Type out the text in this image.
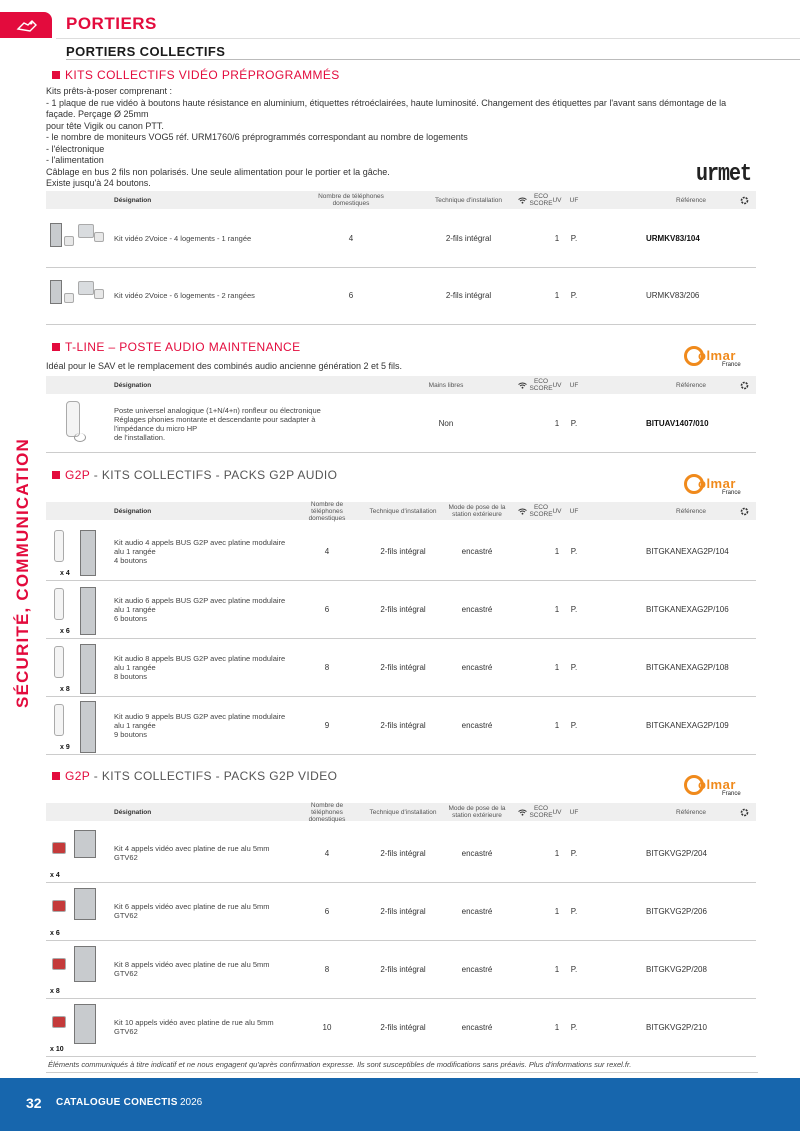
PORTIERS
PORTIERS COLLECTIFS
SÉCURITÉ, COMMUNICATION
KITS COLLECTIFS VIDÉO PRÉPROGRAMMÉS
Kits prêts-à-poser comprenant :
- 1 plaque de rue vidéo à boutons haute résistance en aluminium, étiquettes rétroéclairées, haute luminosité. Changement des étiquettes par l'avant sans démontage de la façade. Perçage Ø 25mm
pour tête Vigik ou canon PTT.
- le nombre de moniteurs VOG5 réf. URM1760/6 préprogrammés correspondant au nombre de logements
- l'électronique
- l'alimentation
Câblage en bus 2 fils non polarisés. Une seule alimentation pour le portier et la gâche.
Existe jusqu'à 24 boutons.	urmet
Désignation	Nombre de téléphones domestiques	Technique d'installation	ECO SCORE UV UF	Référence
Kit vidéo 2Voice - 4 logements - 1 rangée	4	2-fils intégral	1 P.	URMKV83/104
Kit vidéo 2Voice - 6 logements - 2 rangées	6	2-fils intégral	1 P.	URMKV83/206
T-LINE – POSTE AUDIO MAINTENANCE
Idéal pour le SAV et le remplacement des combinés audio ancienne génération 2 et 5 fils.
olmar
France
Désignation	Mains libres	ECO SCORE UV UF	Référence
Poste universel analogique (1+N/4+n) ronfleur ou électronique
Réglages phonies montante et descendante pour sadapter à l'impédance du micro HP
de l'installation.
Non	1 P.	BITUAV1407/010
G2P - KITS COLLECTIFS - PACKS G2P AUDIO
olmar
France
Désignation
Nombre de téléphones domestiques
Technique d'installation	Mode de pose de la station extérieure
ECO SCORE UV UF	Référence
x 4
Kit audio 4 appels BUS G2P avec platine modulaire alu 1 rangée
4 boutons
4	2-fils intégral	encastré	1 P.	BITGKANEXAG2P/104
x 6
Kit audio 6 appels BUS G2P avec platine modulaire alu 1 rangée
6 boutons
6	2-fils intégral	encastré	1 P.	BITGKANEXAG2P/106
x 8
Kit audio 8 appels BUS G2P avec platine modulaire alu 1 rangée
8 boutons
8	2-fils intégral	encastré	1 P.	BITGKANEXAG2P/108
x 9
Kit audio 9 appels BUS G2P avec platine modulaire alu 1 rangée
9 boutons
9	2-fils intégral	encastré	1 P.	BITGKANEXAG2P/109
G2P - KITS COLLECTIFS - PACKS G2P VIDEO
olmar
France
Désignation
Nombre de téléphones domestiques
Technique d'installation	Mode de pose de la station extérieure
ECO SCORE UV UF	Référence
x 4
Kit 4 appels vidéo avec platine de rue alu 5mm GTV62	4	2-fils intégral	encastré	1 P.	BITGKVG2P/204
x 6
Kit 6 appels vidéo avec platine de rue alu 5mm GTV62	6	2-fils intégral	encastré	1 P.	BITGKVG2P/206
x 8
Kit 8 appels vidéo avec platine de rue alu 5mm GTV62	8	2-fils intégral	encastré	1 P.	BITGKVG2P/208
x 10
Kit 10 appels vidéo avec platine de rue alu 5mm GTV62	10	2-fils intégral	encastré	1 P.	BITGKVG2P/210
Éléments communiqués à titre indicatif et ne nous engagent qu'après confirmation expresse. Ils sont susceptibles de modifications sans préavis. Plus d'informations sur rexel.fr.
32 CATALOGUE CONECTIS 2026
